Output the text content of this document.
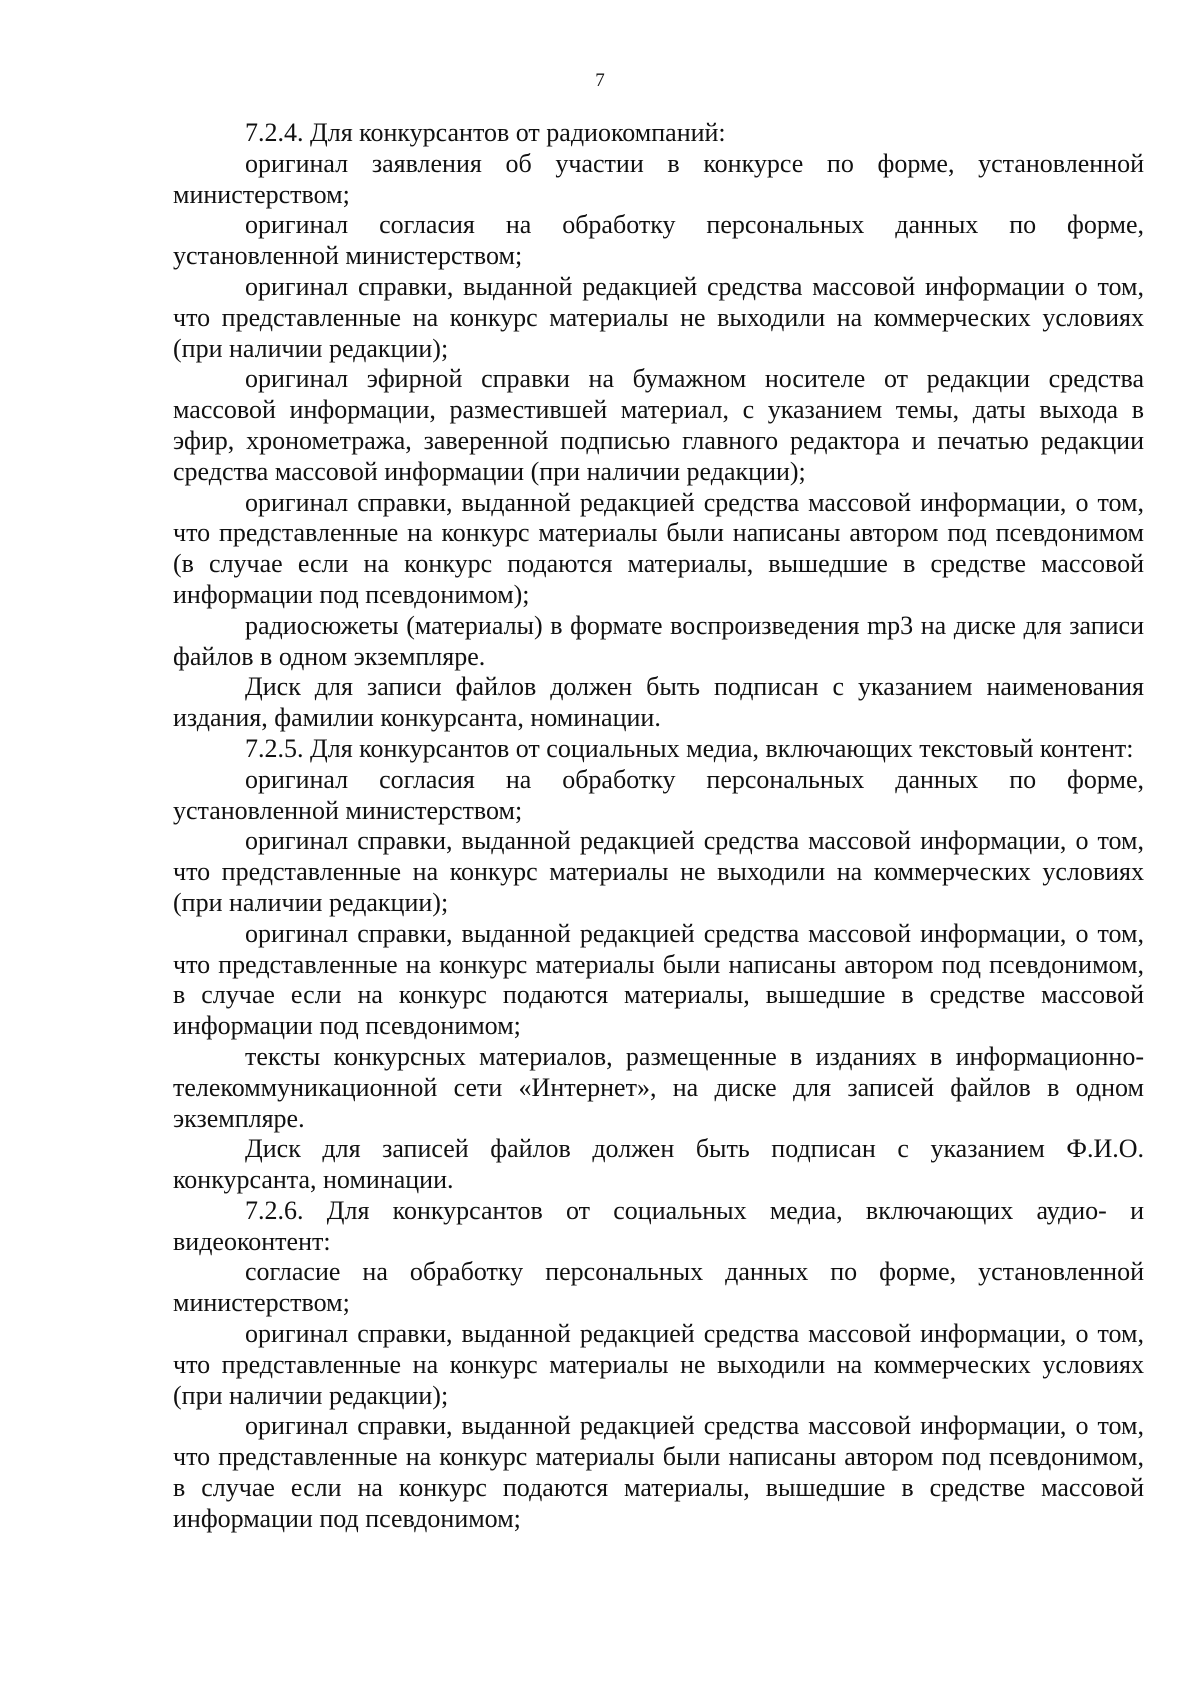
7

7.2.4. Для конкурсантов от радиокомпаний:

оригинал заявления об участии в конкурсе по форме, установленной министерством;

оригинал согласия на обработку персональных данных по форме, установленной министерством;

оригинал справки, выданной редакцией средства массовой информации о том, что представленные на конкурс материалы не выходили на коммерческих условиях (при наличии редакции);

оригинал эфирной справки на бумажном носителе от редакции средства массовой информации, разместившей материал, с указанием темы, даты выхода в эфир, хронометража, заверенной подписью главного редактора и печатью редакции средства массовой информации (при наличии редакции);

оригинал справки, выданной редакцией средства массовой информации, о том, что представленные на конкурс материалы были написаны автором под псевдонимом (в случае если на конкурс подаются материалы, вышедшие в средстве массовой информации под псевдонимом);

радиосюжеты (материалы) в формате воспроизведения mp3 на диске для записи файлов в одном экземпляре.

Диск для записи файлов должен быть подписан с указанием наименования издания, фамилии конкурсанта, номинации.

7.2.5. Для конкурсантов от социальных медиа, включающих текстовый контент:

оригинал согласия на обработку персональных данных по форме, установленной министерством;

оригинал справки, выданной редакцией средства массовой информации, о том, что представленные на конкурс материалы не выходили на коммерческих условиях (при наличии редакции);

оригинал справки, выданной редакцией средства массовой информации, о том, что представленные на конкурс материалы были написаны автором под псевдонимом, в случае если на конкурс подаются материалы, вышедшие в средстве массовой информации под псевдонимом;

тексты конкурсных материалов, размещенные в изданиях в информационно-телекоммуникационной сети «Интернет», на диске для записей файлов в одном экземпляре.

Диск для записей файлов должен быть подписан с указанием Ф.И.О. конкурсанта, номинации.

7.2.6. Для конкурсантов от социальных медиа, включающих аудио- и видеоконтент:

согласие на обработку персональных данных по форме, установленной министерством;

оригинал справки, выданной редакцией средства массовой информации, о том, что представленные на конкурс материалы не выходили на коммерческих условиях (при наличии редакции);

оригинал справки, выданной редакцией средства массовой информации, о том, что представленные на конкурс материалы были написаны автором под псевдонимом, в случае если на конкурс подаются материалы, вышедшие в средстве массовой информации под псевдонимом;
